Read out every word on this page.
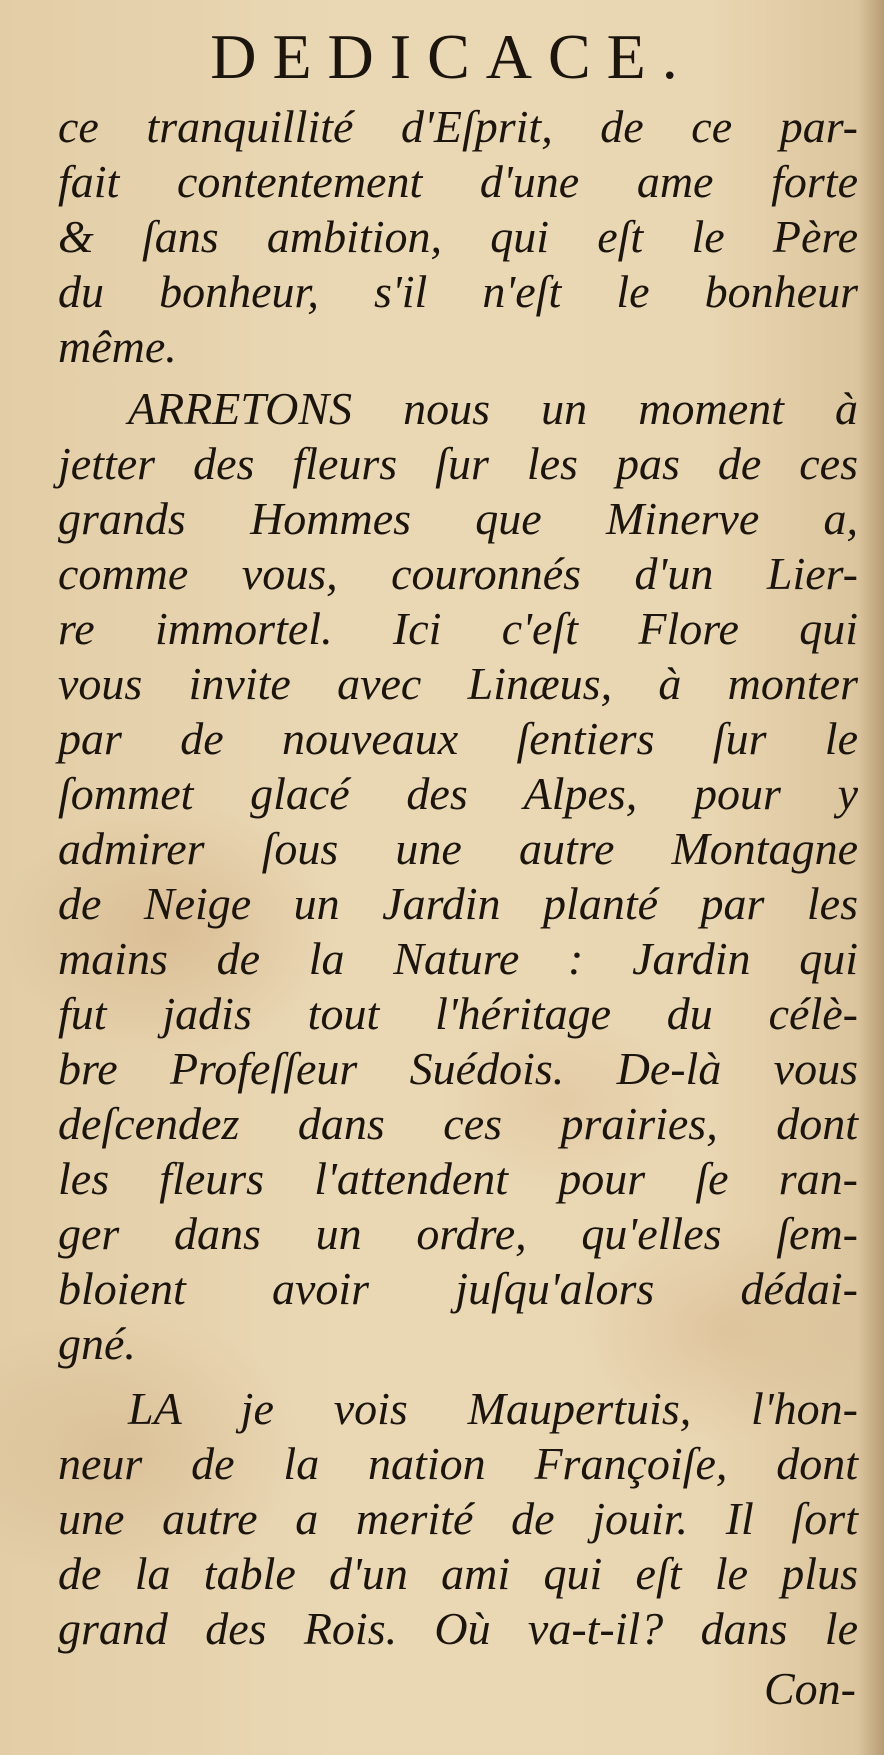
DEDICACE.
ce tranquillité d'Eſprit, de ce par-
fait contentement d'une ame forte
& ſans ambition, qui eſt le Père
du bonheur, s'il n'eſt le bonheur
même.
ARRETONS nous un moment à
jetter des fleurs ſur les pas de ces
grands Hommes que Minerve a,
comme vous, couronnés d'un Lier-
re immortel. Ici c'eſt Flore qui
vous invite avec Linæus, à monter
par de nouveaux ſentiers ſur le
ſommet glacé des Alpes, pour y
admirer ſous une autre Montagne
de Neige un Jardin planté par les
mains de la Nature : Jardin qui
fut jadis tout l'héritage du célè-
bre Profeſſeur Suédois. De-là vous
deſcendez dans ces prairies, dont
les fleurs l'attendent pour ſe ran-
ger dans un ordre, qu'elles ſem-
bloient avoir juſqu'alors dédai-
gné.
LA je vois Maupertuis, l'hon-
neur de la nation Françoiſe, dont
une autre a merité de jouir. Il ſort
de la table d'un ami qui eſt le plus
grand des Rois. Où va-t-il? dans le
Con-
